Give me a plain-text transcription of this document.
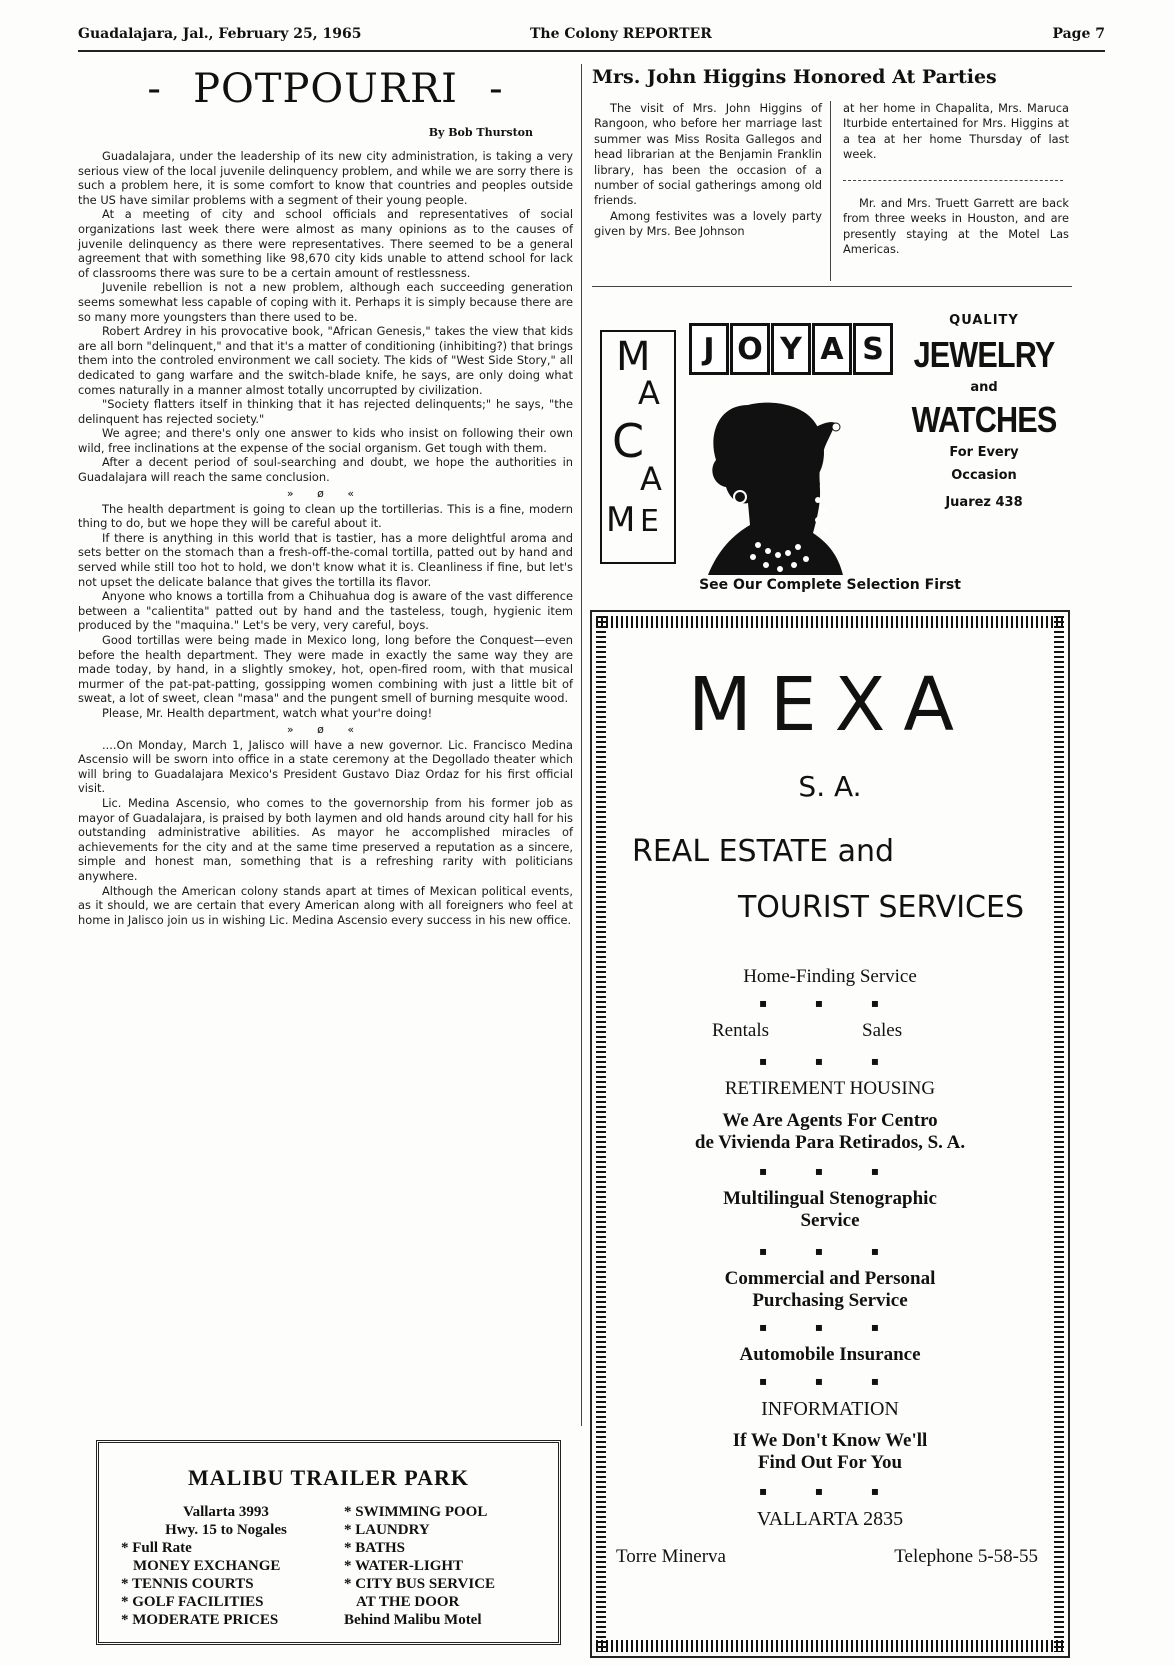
Guadalajara, Jal., February 25, 1965	The Colony REPORTER	Page 7
- POTPOURRI -
By Bob Thurston

Guadalajara, under the leadership of its new city administration, is taking a very serious view of the local juvenile delinquency problem, and while we are sorry there is such a problem here, it is some comfort to know that countries and peoples outside the US have similar problems with a segment of their young people.

At a meeting of city and school officials and representatives of social organizations last week there were almost as many opinions as to the causes of juvenile delinquency as there were representatives. There seemed to be a general agreement that with something like 98,670 city kids unable to attend school for lack of classrooms there was sure to be a certain amount of restlessness.

Juvenile rebellion is not a new problem, although each succeeding generation seems somewhat less capable of coping with it. Perhaps it is simply because there are so many more youngsters than there used to be.

Robert Ardrey in his provocative book, "African Genesis," takes the view that kids are all born "delinquent," and that it's a matter of conditioning (inhibiting?) that brings them into the controled environment we call society. The kids of "West Side Story," all dedicated to gang warfare and the switch-blade knife, he says, are only doing what comes naturally in a manner almost totally uncorrupted by civilization.

"Society flatters itself in thinking that it has rejected delinquents;" he says, "the delinquent has rejected society."

We agree; and there's only one answer to kids who insist on following their own wild, free inclinations at the expense of the social organism. Get tough with them.

After a decent period of soul-searching and doubt, we hope the authorities in Guadalajara will reach the same conclusion.

» ø «

The health department is going to clean up the tortillerias. This is a fine, modern thing to do, but we hope they will be careful about it.

If there is anything in this world that is tastier, has a more delightful aroma and sets better on the stomach than a fresh-off-the-comal tortilla, patted out by hand and served while still too hot to hold, we don't know what it is. Cleanliness if fine, but let's not upset the delicate balance that gives the tortilla its flavor.

Anyone who knows a tortilla from a Chihuahua dog is aware of the vast difference between a "calientita" patted out by hand and the tasteless, tough, hygienic item produced by the "maquina." Let's be very, very careful, boys.

Good tortillas were being made in Mexico long, long before the Conquest—even before the health department. They were made in exactly the same way they are made today, by hand, in a slightly smokey, hot, open-fired room, with that musical murmer of the pat-pat-patting, gossipping women combining with just a little bit of sweat, a lot of sweet, clean "masa" and the pungent smell of burning mesquite wood.

Please, Mr. Health department, watch what your're doing!

» ø «

....On Monday, March 1, Jalisco will have a new governor. Lic. Francisco Medina Ascensio will be sworn into office in a state ceremony at the Degollado theater which will bring to Guadalajara Mexico's President Gustavo Diaz Ordaz for his first official visit.

Lic. Medina Ascensio, who comes to the governorship from his former job as mayor of Guadalajara, is praised by both laymen and old hands around city hall for his outstanding administrative abilities. As mayor he accomplished miracles of achievements for the city and at the same time preserved a reputation as a sincere, simple and honest man, something that is a refreshing rarity with politicians anywhere.

Although the American colony stands apart at times of Mexican political events, as it should, we are certain that every American along with all foreigners who feel at home in Jalisco join us in wishing Lic. Medina Ascensio every success in his new office.

MALIBU TRAILER PARK
Vallarta 3993
Hwy. 15 to Nogales
* Full Rate
MONEY EXCHANGE
* TENNIS COURTS
* GOLF FACILITIES
* MODERATE PRICES
* SWIMMING POOL
* LAUNDRY
* BATHS
* WATER-LIGHT
* CITY BUS SERVICE
AT THE DOOR
Behind Malibu Motel
Mrs. John Higgins Honored At Parties

The visit of Mrs. John Higgins of Rangoon, who before her marriage last summer was Miss Rosita Gallegos and head librarian at the Benjamin Franklin library, has been the occasion of a number of social gatherings among old friends.

Among festivites was a lovely party given by Mrs. Bee Johnson

at her home in Chapalita, Mrs. Maruca Iturbide entertained for Mrs. Higgins at a tea at her home Thursday of last week.

Mr. and Mrs. Truett Garrett are back from three weeks in Houston, and are presently staying at the Motel Las Americas.

M
A
C
A
M E
J O Y A S
QUALITY
JEWELRY
and
WATCHES
For Every
Occasion
Juarez 438
See Our Complete Selection First
MEXA
S. A.
REAL ESTATE and
TOURIST SERVICES
Home-Finding Service
▪ ▪ ▪
Rentals	Sales
▪ ▪ ▪
RETIREMENT HOUSING
We Are Agents For Centro
de Vivienda Para Retirados, S. A.
▪ ▪ ▪
Multilingual Stenographic
Service
▪ ▪ ▪
Commercial and Personal
Purchasing Service
▪ ▪ ▪
Automobile Insurance
▪ ▪ ▪
INFORMATION
If We Don't Know We'll
Find Out For You
▪ ▪ ▪
VALLARTA 2835
Torre Minerva	Telephone 5-58-55
